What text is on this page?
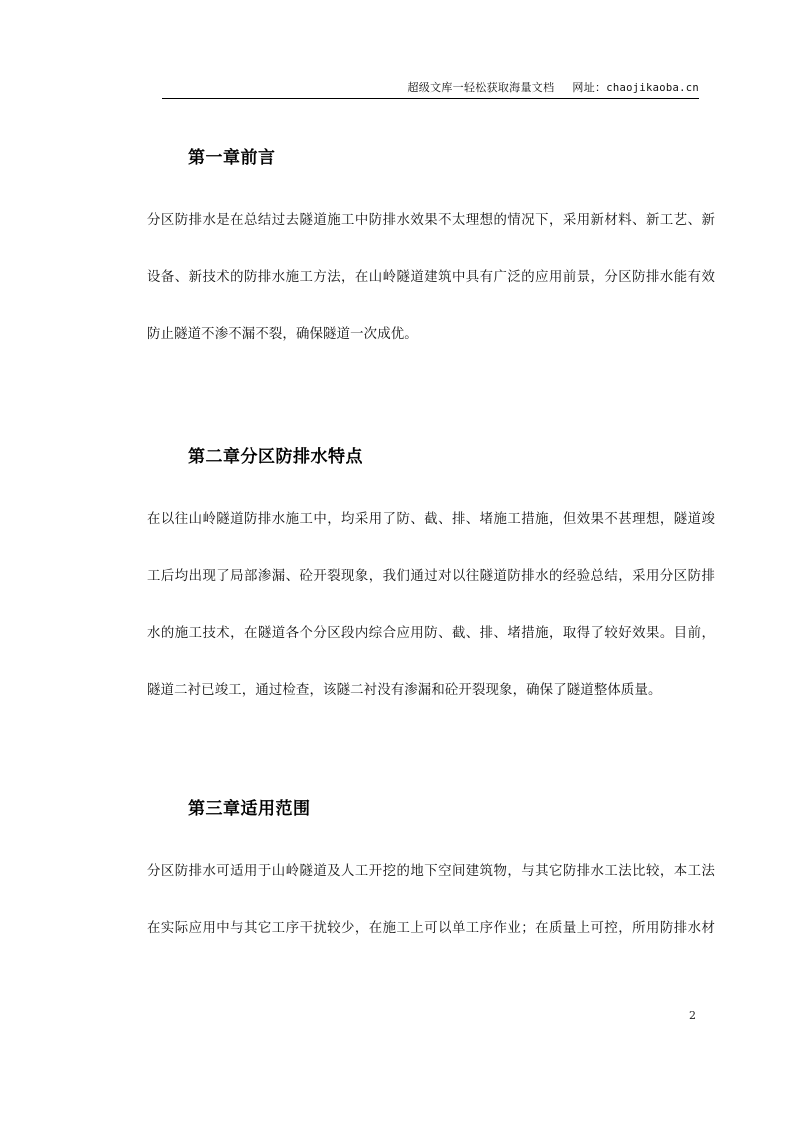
超级文库一轻松获取海量文档 网址：chaojikaoba.cn
第一章前言
分区防排水是在总结过去隧道施工中防排水效果不太理想的情况下，采用新材料、新工艺、新
设备、新技术的防排水施工方法，在山岭隧道建筑中具有广泛的应用前景，分区防排水能有效
防止隧道不渗不漏不裂，确保隧道一次成优。
第二章分区防排水特点
在以往山岭隧道防排水施工中，均采用了防、截、排、堵施工措施，但效果不甚理想，隧道竣
工后均出现了局部渗漏、砼开裂现象，我们通过对以往隧道防排水的经验总结，采用分区防排
水的施工技术，在隧道各个分区段内综合应用防、截、排、堵措施，取得了较好效果。目前，
隧道二衬已竣工，通过检查，该隧二衬没有渗漏和砼开裂现象，确保了隧道整体质量。
第三章适用范围
分区防排水可适用于山岭隧道及人工开挖的地下空间建筑物，与其它防排水工法比较，本工法
在实际应用中与其它工序干扰较少，在施工上可以单工序作业；在质量上可控，所用防排水材
2
